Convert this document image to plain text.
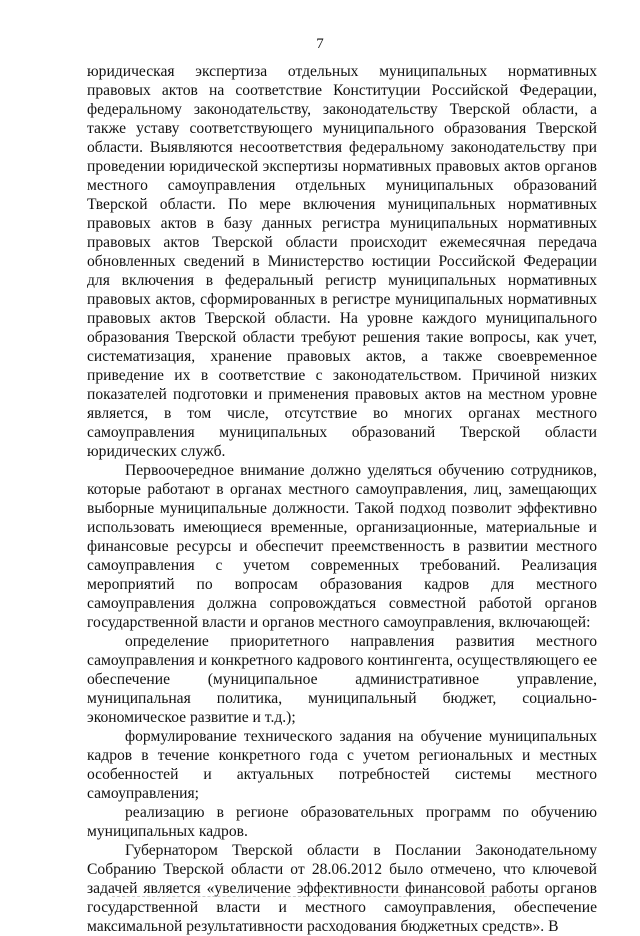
7

юридическая экспертиза отдельных муниципальных нормативных правовых актов на соответствие Конституции Российской Федерации, федеральному законодательству, законодательству Тверской области, а также уставу соответствующего муниципального образования Тверской области. Выявляются несоответствия федеральному законодательству при проведении юридической экспертизы нормативных правовых актов органов местного самоуправления отдельных муниципальных образований Тверской области. По мере включения муниципальных нормативных правовых актов в базу данных регистра муниципальных нормативных правовых актов Тверской области происходит ежемесячная передача обновленных сведений в Министерство юстиции Российской Федерации для включения в федеральный регистр муниципальных нормативных правовых актов, сформированных в регистре муниципальных нормативных правовых актов Тверской области. На уровне каждого муниципального образования Тверской области требуют решения такие вопросы, как учет, систематизация, хранение правовых актов, а также своевременное приведение их в соответствие с законодательством. Причиной низких показателей подготовки и применения правовых актов на местном уровне является, в том числе, отсутствие во многих органах местного самоуправления муниципальных образований Тверской области юридических служб.

Первоочередное внимание должно уделяться обучению сотрудников, которые работают в органах местного самоуправления, лиц, замещающих выборные муниципальные должности. Такой подход позволит эффективно использовать имеющиеся временные, организационные, материальные и финансовые ресурсы и обеспечит преемственность в развитии местного самоуправления с учетом современных требований. Реализация мероприятий по вопросам образования кадров для местного самоуправления должна сопровождаться совместной работой органов государственной власти и органов местного самоуправления, включающей:

определение приоритетного направления развития местного самоуправления и конкретного кадрового контингента, осуществляющего ее обеспечение (муниципальное административное управление, муниципальная политика, муниципальный бюджет, социально-экономическое развитие и т.д.);

формулирование технического задания на обучение муниципальных кадров в течение конкретного года с учетом региональных и местных особенностей и актуальных потребностей системы местного самоуправления;

реализацию в регионе образовательных программ по обучению муниципальных кадров.

Губернатором Тверской области в Послании Законодательному Собранию Тверской области от 28.06.2012 было отмечено, что ключевой задачей является «увеличение эффективности финансовой работы органов государственной власти и местного самоуправления, обеспечение максимальной результативности расходования бюджетных средств». В
